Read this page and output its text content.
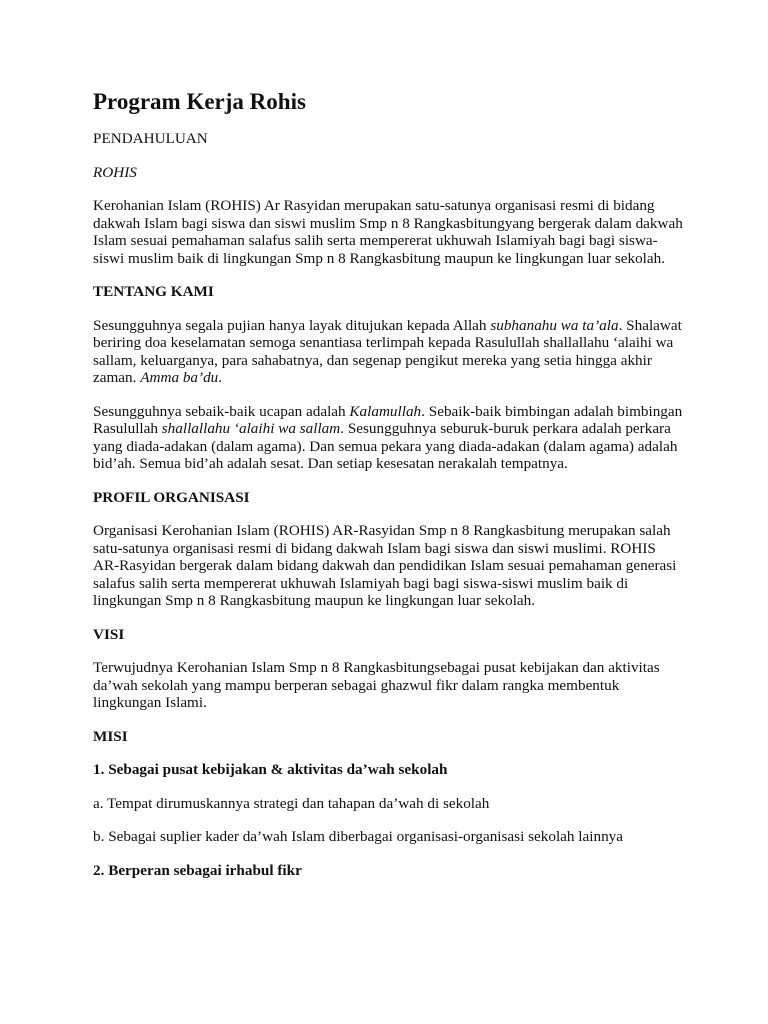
Program Kerja Rohis

PENDAHULUAN

ROHIS

Kerohanian Islam (ROHIS) Ar Rasyidan merupakan satu-satunya organisasi resmi di bidang dakwah Islam bagi siswa dan siswi muslim Smp n 8 Rangkasbitungyang bergerak dalam dakwah Islam sesuai pemahaman salafus salih serta mempererat ukhuwah Islamiyah bagi bagi siswa-siswi muslim baik di lingkungan Smp n 8 Rangkasbitung maupun ke lingkungan luar sekolah.

TENTANG KAMI

Sesungguhnya segala pujian hanya layak ditujukan kepada Allah subhanahu wa ta’ala. Shalawat beriring doa keselamatan semoga senantiasa terlimpah kepada Rasulullah shallallahu ‘alaihi wa sallam, keluarganya, para sahabatnya, dan segenap pengikut mereka yang setia hingga akhir zaman. Amma ba’du.

Sesungguhnya sebaik-baik ucapan adalah Kalamullah. Sebaik-baik bimbingan adalah bimbingan Rasulullah shallallahu ‘alaihi wa sallam. Sesungguhnya seburuk-buruk perkara adalah perkara yang diada-adakan (dalam agama). Dan semua pekara yang diada-adakan (dalam agama) adalah bid’ah. Semua bid’ah adalah sesat. Dan setiap kesesatan nerakalah tempatnya.

PROFIL ORGANISASI

Organisasi Kerohanian Islam (ROHIS) AR-Rasyidan Smp n 8 Rangkasbitung merupakan salah satu-satunya organisasi resmi di bidang dakwah Islam bagi siswa dan siswi muslimi. ROHIS AR-Rasyidan bergerak dalam bidang dakwah dan pendidikan Islam sesuai pemahaman generasi salafus salih serta mempererat ukhuwah Islamiyah bagi bagi siswa-siswi muslim baik di lingkungan Smp n 8 Rangkasbitung maupun ke lingkungan luar sekolah.

VISI

Terwujudnya Kerohanian Islam Smp n 8 Rangkasbitungsebagai pusat kebijakan dan aktivitas da’wah sekolah yang mampu berperan sebagai ghazwul fikr dalam rangka membentuk lingkungan Islami.

MISI

1. Sebagai pusat kebijakan & aktivitas da’wah sekolah

a. Tempat dirumuskannya strategi dan tahapan da’wah di sekolah

b. Sebagai suplier kader da’wah Islam diberbagai organisasi-organisasi sekolah lainnya

2. Berperan sebagai irhabul fikr
